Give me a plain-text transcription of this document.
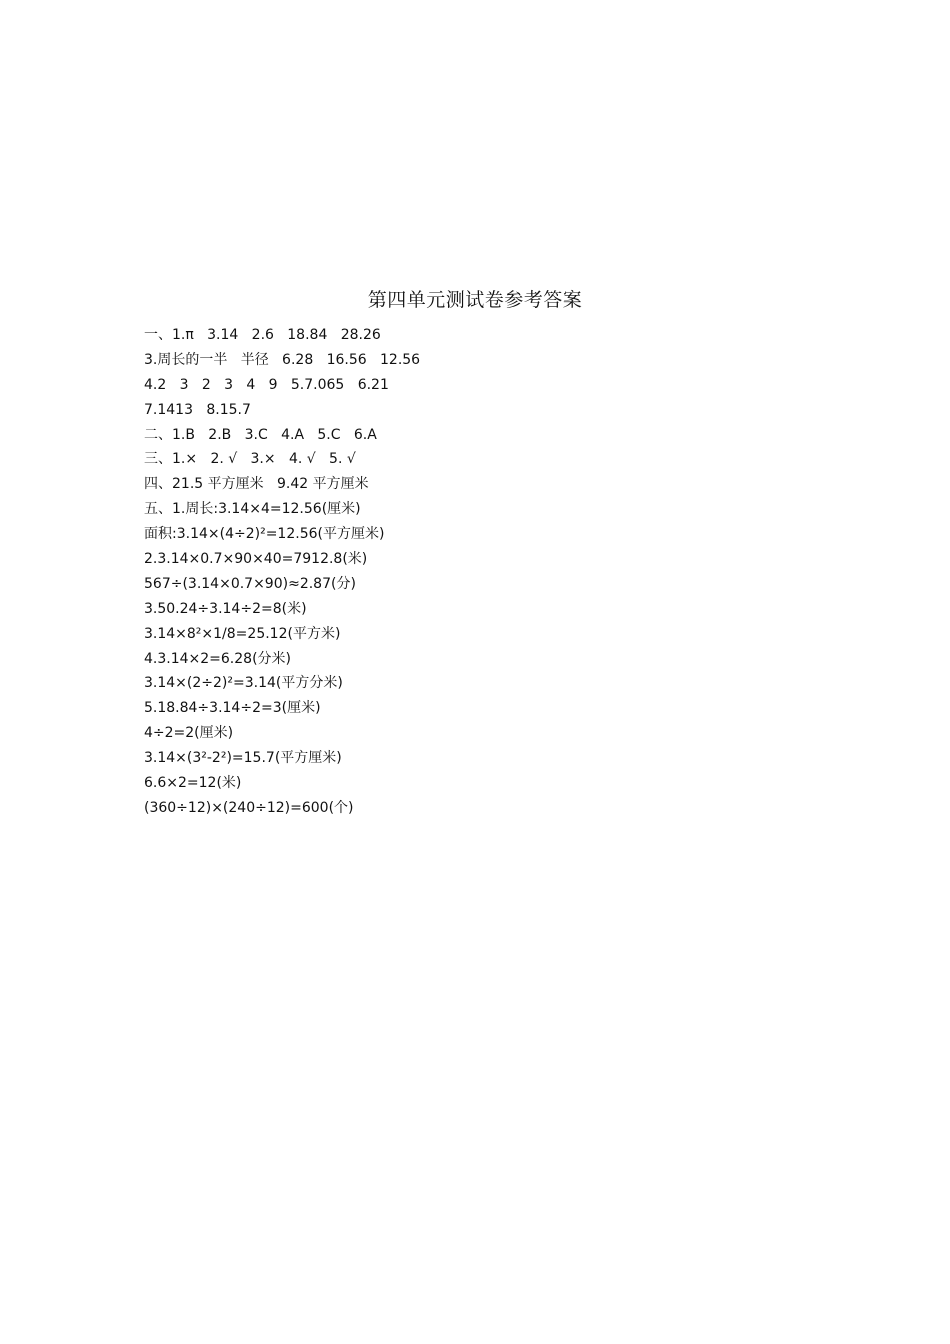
第四单元测试卷参考答案
一、1.π   3.14   2.6   18.84   28.26
3.周长的一半   半径   6.28   16.56   12.56
4.2   3   2   3   4   9   5.7.065   6.21
7.1413   8.15.7
二、1.B   2.B   3.C   4.A   5.C   6.A
三、1.×   2. √   3.×   4. √   5. √
四、21.5 平方厘米   9.42 平方厘米
五、1.周长:3.14×4=12.56(厘米)
面积:3.14×(4÷2)²=12.56(平方厘米)
2.3.14×0.7×90×40=7912.8(米)
567÷(3.14×0.7×90)≈2.87(分)
3.50.24÷3.14÷2=8(米)
3.14×8²×1/8=25.12(平方米)
4.3.14×2=6.28(分米)
3.14×(2÷2)²=3.14(平方分米)
5.18.84÷3.14÷2=3(厘米)
4÷2=2(厘米)
3.14×(3²-2²)=15.7(平方厘米)
6.6×2=12(米)
(360÷12)×(240÷12)=600(个)
